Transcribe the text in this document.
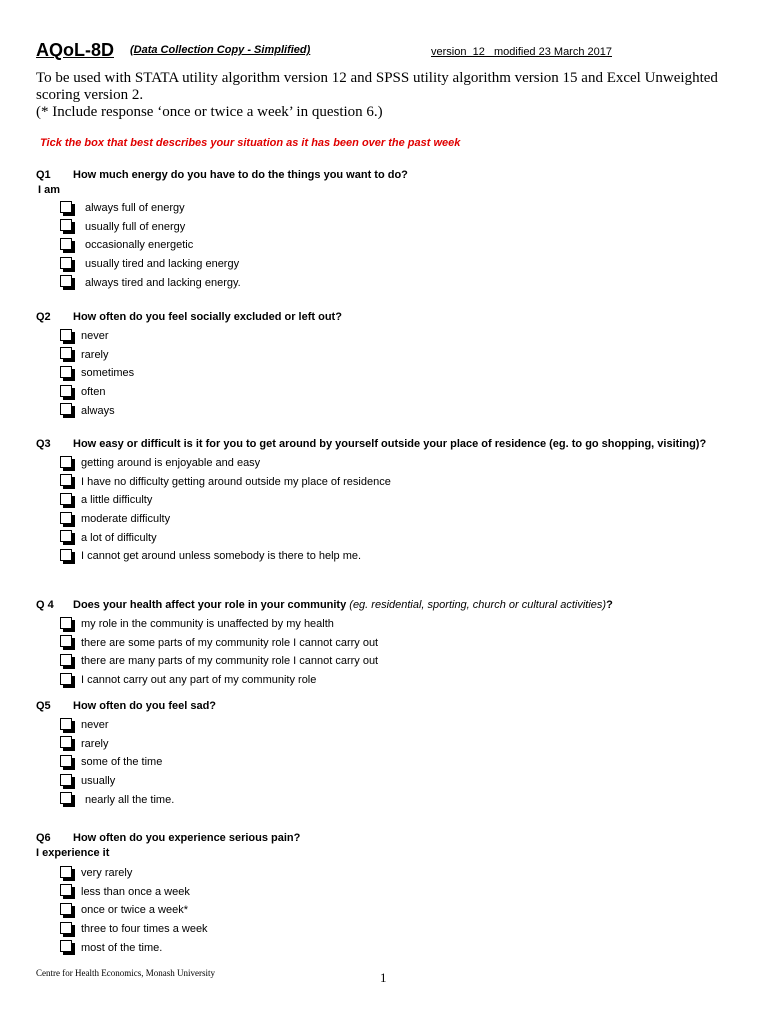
AQoL-8D (Data Collection Copy - Simplified)	version  12   modified 23 March 2017
To be used with STATA utility algorithm version 12 and SPSS utility algorithm version 15 and Excel Unweighted scoring version 2.
(* Include response ‘once or twice a week’ in question 6.)
Tick the box that best describes your situation as it has been over the past week
Q1 How much energy do you have to do the things you want to do?
I am
always full of energy
usually full of energy
occasionally energetic
usually tired and lacking energy
always tired and lacking energy.
Q2 How often do you feel socially excluded or left out?
never
rarely
sometimes
often
always
Q3 How easy or difficult is it for you to get around by yourself outside your place of residence (eg. to go shopping, visiting)?
getting around is enjoyable and easy
I have no difficulty getting around outside my place of residence
a little difficulty
moderate difficulty
a lot of difficulty
I cannot get around unless somebody is there to help me.
Q 4 Does your health affect your role in your community (eg. residential, sporting, church or cultural activities)?
my role in the community is unaffected by my health
there are some parts of my community role I cannot carry out
there are many parts of my community role I cannot carry out
I cannot carry out any part of my community role
Q5 How often do you feel sad?
never
rarely
some of the time
usually
nearly all the time.
Q6 How often do you experience serious pain?
I experience it
very rarely
less than once a week
once or twice a week*
three to four times a week
most of the time.
Centre for Health Economics, Monash University	1
